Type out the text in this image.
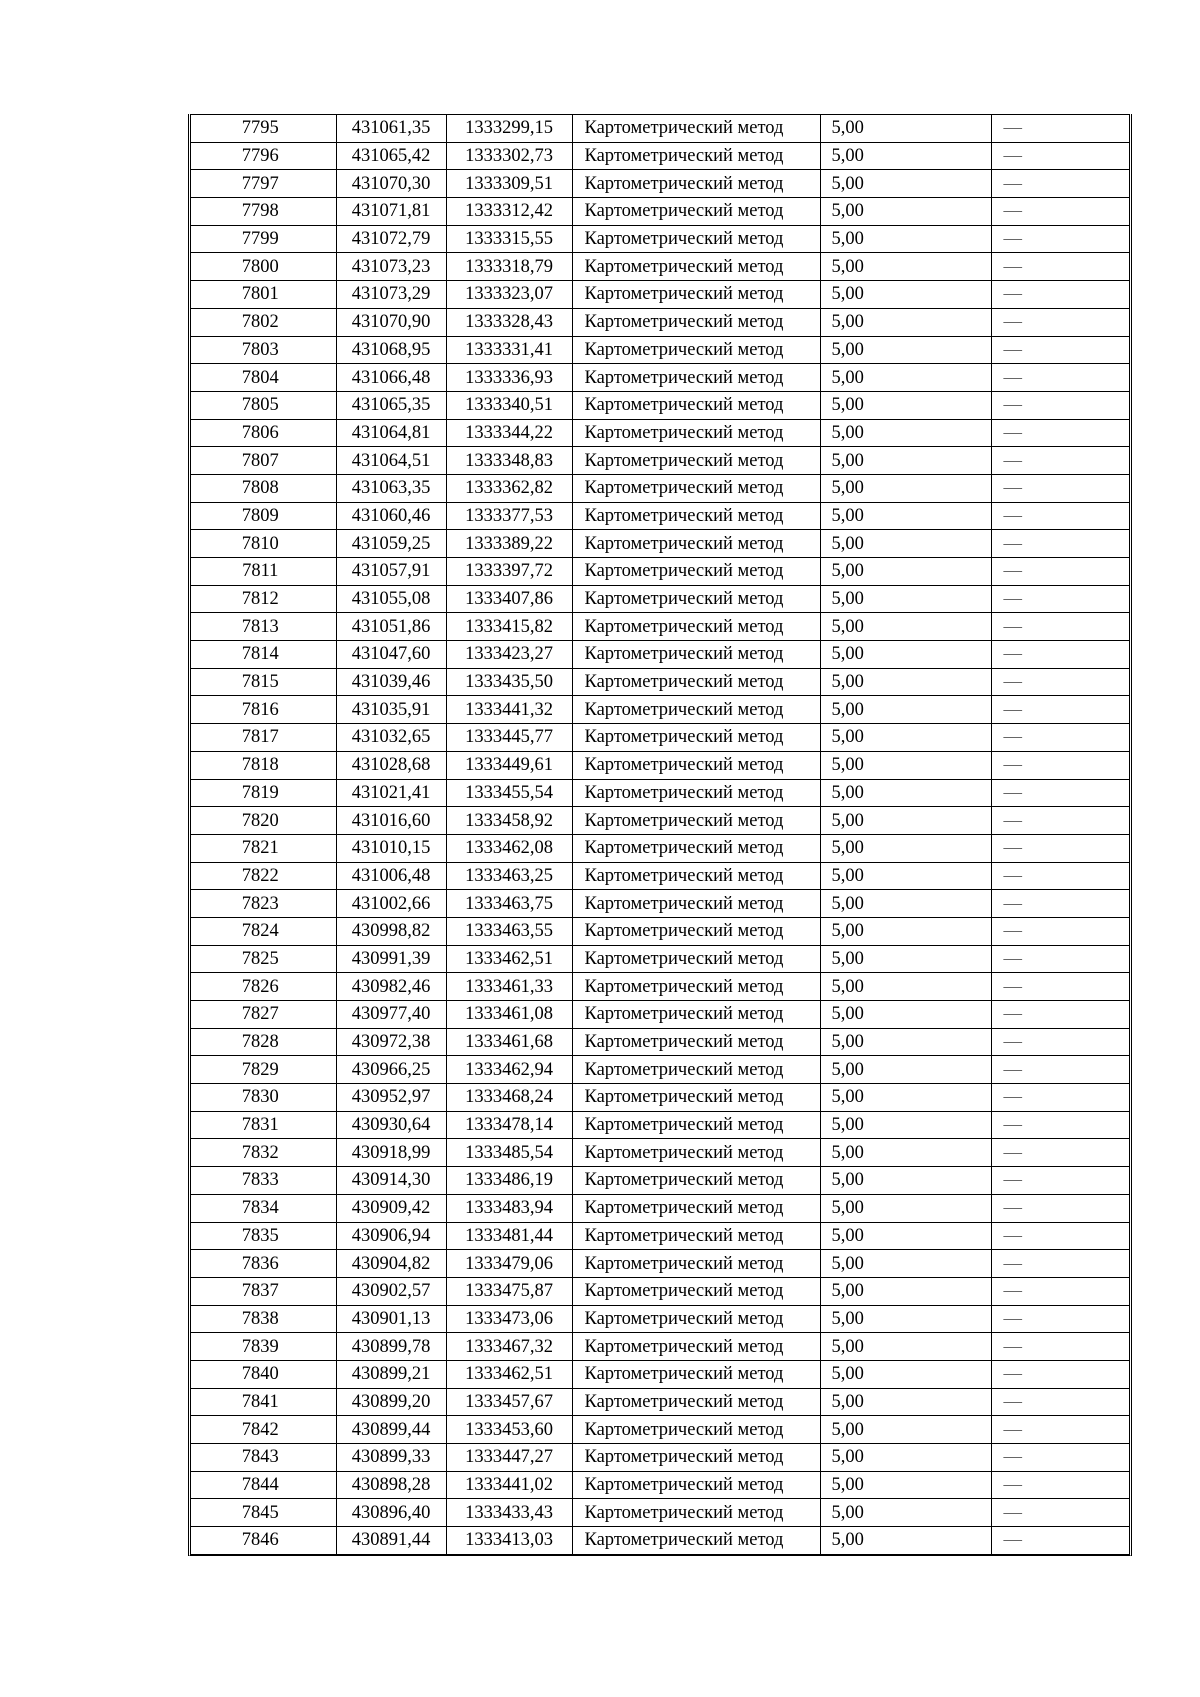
7795	431061,35	1333299,15	Картометрический метод	5,00	—
7796	431065,42	1333302,73	Картометрический метод	5,00	—
7797	431070,30	1333309,51	Картометрический метод	5,00	—
7798	431071,81	1333312,42	Картометрический метод	5,00	—
7799	431072,79	1333315,55	Картометрический метод	5,00	—
7800	431073,23	1333318,79	Картометрический метод	5,00	—
7801	431073,29	1333323,07	Картометрический метод	5,00	—
7802	431070,90	1333328,43	Картометрический метод	5,00	—
7803	431068,95	1333331,41	Картометрический метод	5,00	—
7804	431066,48	1333336,93	Картометрический метод	5,00	—
7805	431065,35	1333340,51	Картометрический метод	5,00	—
7806	431064,81	1333344,22	Картометрический метод	5,00	—
7807	431064,51	1333348,83	Картометрический метод	5,00	—
7808	431063,35	1333362,82	Картометрический метод	5,00	—
7809	431060,46	1333377,53	Картометрический метод	5,00	—
7810	431059,25	1333389,22	Картометрический метод	5,00	—
7811	431057,91	1333397,72	Картометрический метод	5,00	—
7812	431055,08	1333407,86	Картометрический метод	5,00	—
7813	431051,86	1333415,82	Картометрический метод	5,00	—
7814	431047,60	1333423,27	Картометрический метод	5,00	—
7815	431039,46	1333435,50	Картометрический метод	5,00	—
7816	431035,91	1333441,32	Картометрический метод	5,00	—
7817	431032,65	1333445,77	Картометрический метод	5,00	—
7818	431028,68	1333449,61	Картометрический метод	5,00	—
7819	431021,41	1333455,54	Картометрический метод	5,00	—
7820	431016,60	1333458,92	Картометрический метод	5,00	—
7821	431010,15	1333462,08	Картометрический метод	5,00	—
7822	431006,48	1333463,25	Картометрический метод	5,00	—
7823	431002,66	1333463,75	Картометрический метод	5,00	—
7824	430998,82	1333463,55	Картометрический метод	5,00	—
7825	430991,39	1333462,51	Картометрический метод	5,00	—
7826	430982,46	1333461,33	Картометрический метод	5,00	—
7827	430977,40	1333461,08	Картометрический метод	5,00	—
7828	430972,38	1333461,68	Картометрический метод	5,00	—
7829	430966,25	1333462,94	Картометрический метод	5,00	—
7830	430952,97	1333468,24	Картометрический метод	5,00	—
7831	430930,64	1333478,14	Картометрический метод	5,00	—
7832	430918,99	1333485,54	Картометрический метод	5,00	—
7833	430914,30	1333486,19	Картометрический метод	5,00	—
7834	430909,42	1333483,94	Картометрический метод	5,00	—
7835	430906,94	1333481,44	Картометрический метод	5,00	—
7836	430904,82	1333479,06	Картометрический метод	5,00	—
7837	430902,57	1333475,87	Картометрический метод	5,00	—
7838	430901,13	1333473,06	Картометрический метод	5,00	—
7839	430899,78	1333467,32	Картометрический метод	5,00	—
7840	430899,21	1333462,51	Картометрический метод	5,00	—
7841	430899,20	1333457,67	Картометрический метод	5,00	—
7842	430899,44	1333453,60	Картометрический метод	5,00	—
7843	430899,33	1333447,27	Картометрический метод	5,00	—
7844	430898,28	1333441,02	Картометрический метод	5,00	—
7845	430896,40	1333433,43	Картометрический метод	5,00	—
7846	430891,44	1333413,03	Картометрический метод	5,00	—
